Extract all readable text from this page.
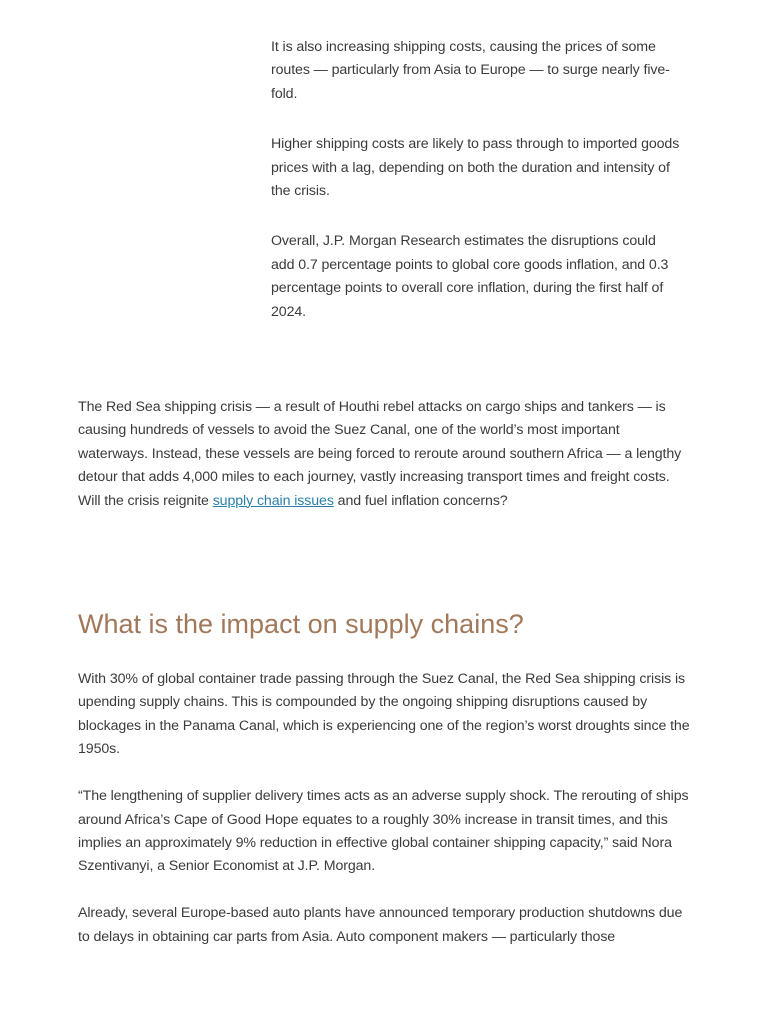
It is also increasing shipping costs, causing the prices of some routes — particularly from Asia to Europe — to surge nearly five-fold.

Higher shipping costs are likely to pass through to imported goods prices with a lag, depending on both the duration and intensity of the crisis.

Overall, J.P. Morgan Research estimates the disruptions could add 0.7 percentage points to global core goods inflation, and 0.3 percentage points to overall core inflation, during the first half of 2024.

The Red Sea shipping crisis — a result of Houthi rebel attacks on cargo ships and tankers — is causing hundreds of vessels to avoid the Suez Canal, one of the world’s most important waterways. Instead, these vessels are being forced to reroute around southern Africa — a lengthy detour that adds 4,000 miles to each journey, vastly increasing transport times and freight costs. Will the crisis reignite supply chain issues and fuel inflation concerns?

What is the impact on supply chains?

With 30% of global container trade passing through the Suez Canal, the Red Sea shipping crisis is upending supply chains. This is compounded by the ongoing shipping disruptions caused by blockages in the Panama Canal, which is experiencing one of the region’s worst droughts since the 1950s.

“The lengthening of supplier delivery times acts as an adverse supply shock. The rerouting of ships around Africa’s Cape of Good Hope equates to a roughly 30% increase in transit times, and this implies an approximately 9% reduction in effective global container shipping capacity,” said Nora Szentivanyi, a Senior Economist at J.P. Morgan.

Already, several Europe-based auto plants have announced temporary production shutdowns due to delays in obtaining car parts from Asia. Auto component makers — particularly those
